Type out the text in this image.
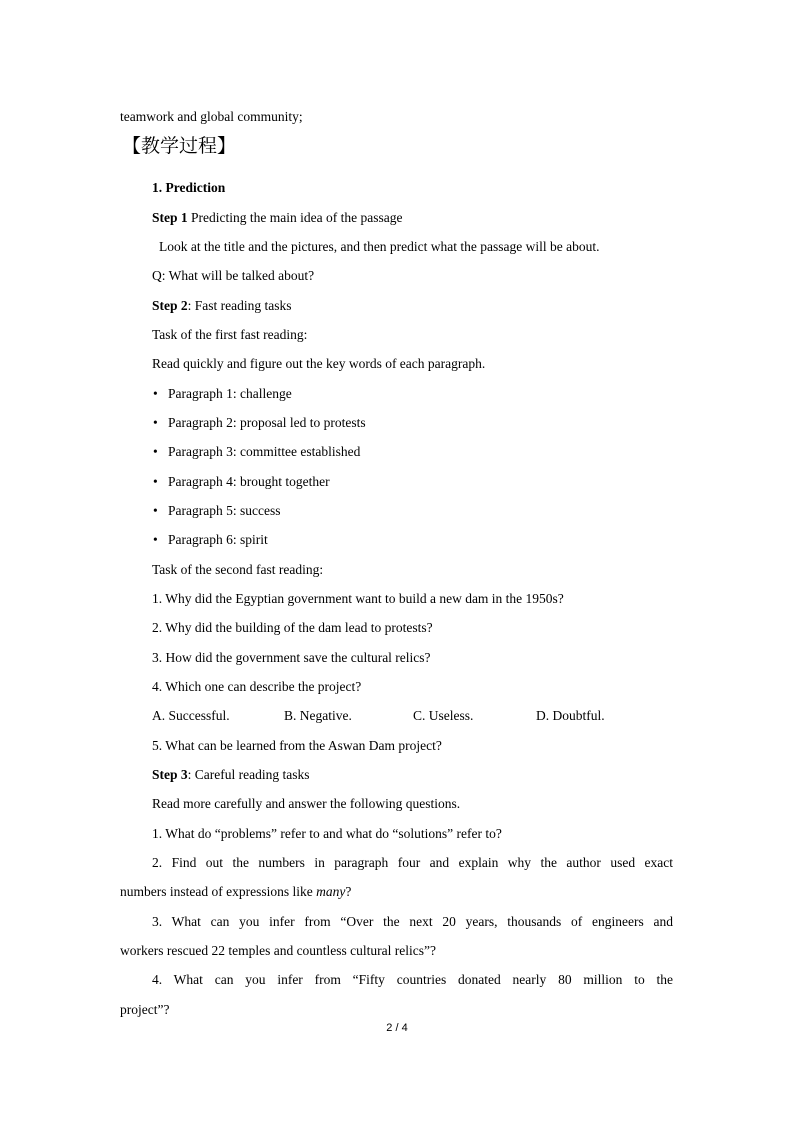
teamwork and global community;
【教学过程】
1. Prediction
Step 1 Predicting the main idea of the passage
Look at the title and the pictures, and then predict what the passage will be about.
Q: What will be talked about?
Step 2: Fast reading tasks
Task of the first fast reading:
Read quickly and figure out the key words of each paragraph.
• Paragraph 1: challenge
• Paragraph 2: proposal led to protests
• Paragraph 3: committee established
• Paragraph 4: brought together
• Paragraph 5: success
• Paragraph 6: spirit
Task of the second fast reading:
1. Why did the Egyptian government want to build a new dam in the 1950s?
2. Why did the building of the dam lead to protests?
3. How did the government save the cultural relics?
4. Which one can describe the project?
A. Successful.	B. Negative.	C. Useless.	D. Doubtful.
5. What can be learned from the Aswan Dam project?
Step 3: Careful reading tasks
Read more carefully and answer the following questions.
1. What do “problems” refer to and what do “solutions” refer to?
2. Find out the numbers in paragraph four and explain why the author used exact
numbers instead of expressions like many?
3. What can you infer from “Over the next 20 years, thousands of engineers and
workers rescued 22 temples and countless cultural relics”?
4. What can you infer from “Fifty countries donated nearly 80 million to the
project”?
2 / 4
